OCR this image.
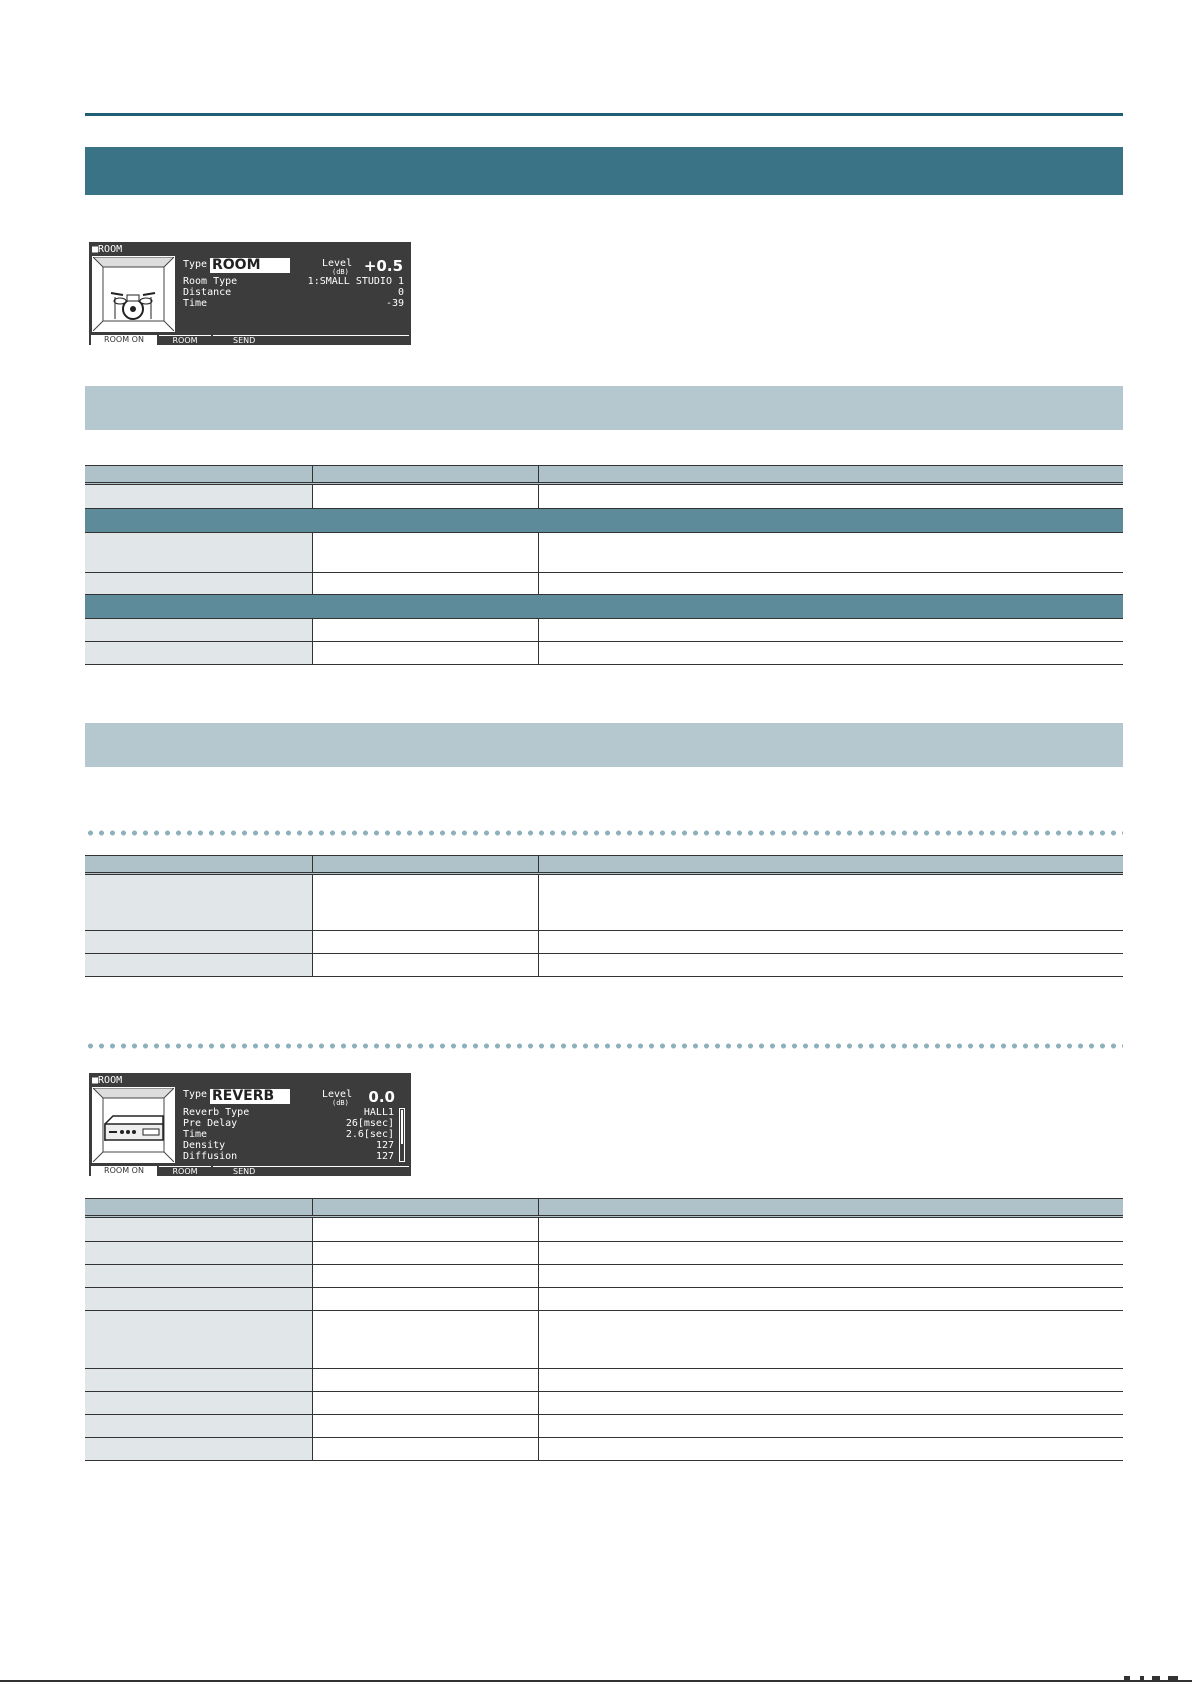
■ROOM
Type ROOM	Level
(dB)	+0.5
Room Type	1:SMALL STUDIO 1
Distance	0
Time	-39
ROOM ON	ROOM	SEND
■ROOM
Type REVERB	Level
(dB)	0.0
Reverb Type	HALL1
Pre Delay	26[msec]
Time	2.6[sec]
Density	127
Diffusion	127
ROOM ON	ROOM	SEND
